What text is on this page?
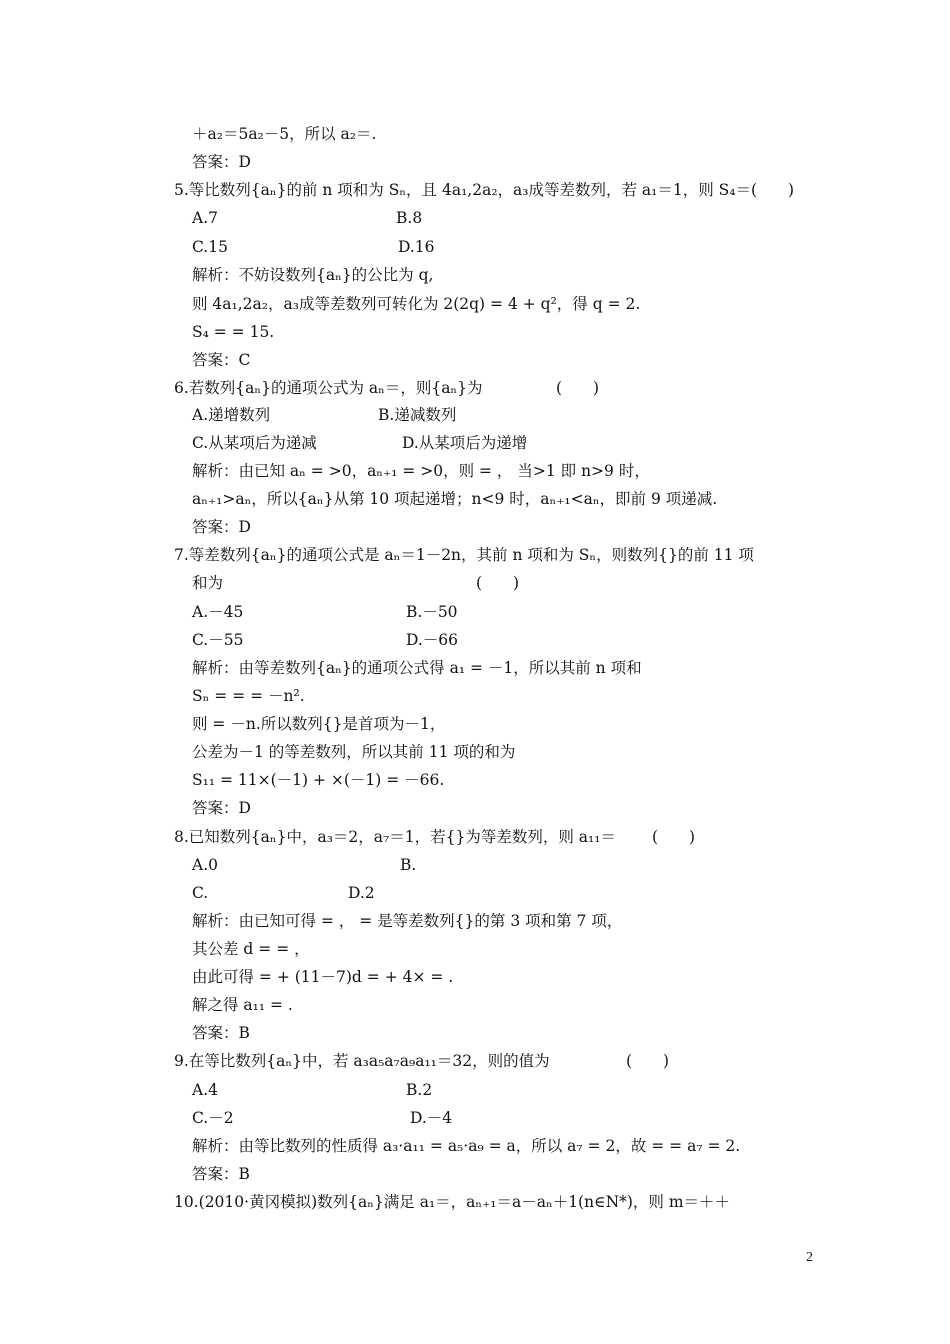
＋a₂＝5a₂－5，所以 a₂＝.
答案：D
5.等比数列{aₙ}的前 n 项和为 Sₙ，且 4a₁,2a₂，a₃成等差数列，若 a₁＝1，则 S₄＝(　　)
A.7	B.8
C.15	D.16
解析：不妨设数列{aₙ}的公比为 q,
则 4a₁,2a₂，a₃成等差数列可转化为 2(2q) = 4 + q²，得 q = 2.
S₄ = = 15.
答案：C
6.若数列{aₙ}的通项公式为 aₙ＝，则{aₙ}为	(　　)
A.递增数列	B.递减数列
C.从某项后为递减	D.从某项后为递增
解析：由已知 aₙ = >0，aₙ₊₁ = >0，则 = ， 当>1 即 n>9 时，
aₙ₊₁>aₙ，所以{aₙ}从第 10 项起递增；n<9 时，aₙ₊₁<aₙ，即前 9 项递减.
答案：D
7.等差数列{aₙ}的通项公式是 aₙ＝1－2n，其前 n 项和为 Sₙ，则数列{}的前 11 项
和为	(　　)
A.－45	B.－50
C.－55	D.－66
解析：由等差数列{aₙ}的通项公式得 a₁ = －1，所以其前 n 项和
Sₙ = = = －n².
则 = －n.所以数列{}是首项为－1，
公差为－1 的等差数列，所以其前 11 项的和为
S₁₁ = 11×(－1) + ×(－1) = －66.
答案：D
8.已知数列{aₙ}中，a₃＝2，a₇＝1，若{}为等差数列，则 a₁₁＝ (　　)
A.0	B.
C.	D.2
解析：由已知可得 = ， = 是等差数列{}的第 3 项和第 7 项，
其公差 d = = ，
由此可得 = + (11－7)d = + 4× = .
解之得 a₁₁ = .
答案：B
9.在等比数列{aₙ}中，若 a₃a₅a₇a₉a₁₁＝32，则的值为	(　　)
A.4	B.2
C.－2	D.－4
解析：由等比数列的性质得 a₃·a₁₁ = a₅·a₉ = a，所以 a₇ = 2，故 = = a₇ = 2.
答案：B
10.(2010·黄冈模拟)数列{aₙ}满足 a₁＝，aₙ₊₁＝a－aₙ＋1(n∈N*)，则 m＝＋＋
2
